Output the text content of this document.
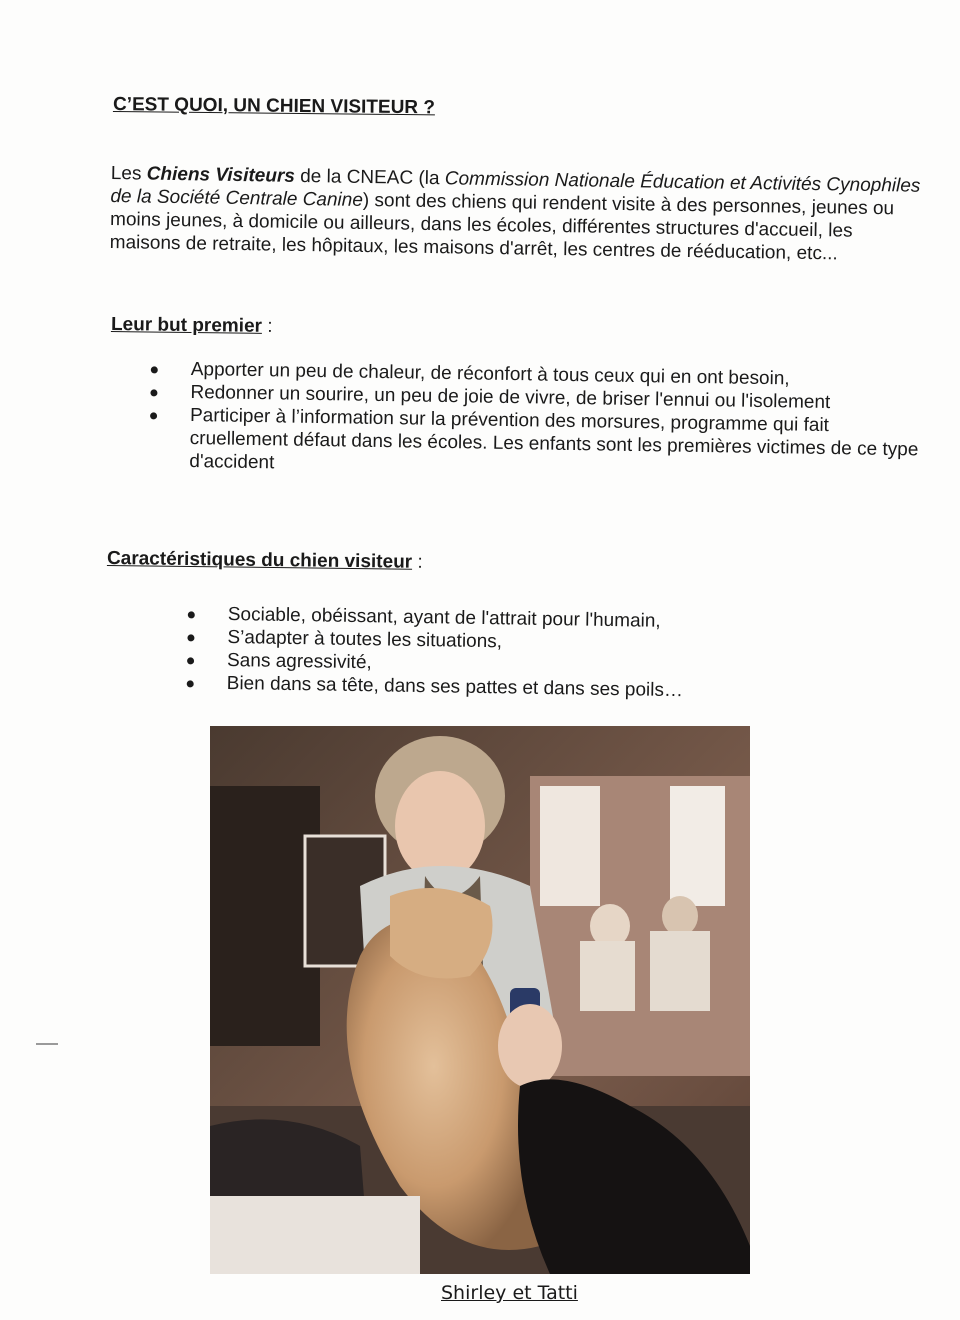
C’EST QUOI, UN CHIEN VISITEUR ?

Les Chiens Visiteurs de la CNEAC (la Commission Nationale Éducation et Activités Cynophiles de la Société Centrale Canine) sont des chiens qui rendent visite à des personnes, jeunes ou moins jeunes, à domicile ou ailleurs, dans les écoles, différentes structures d'accueil, les maisons de retraite, les hôpitaux, les maisons d'arrêt, les centres de rééducation, etc...

Leur but premier :

Apporter un peu de chaleur, de réconfort à tous ceux qui en ont besoin,
Redonner un sourire, un peu de joie de vivre, de briser l'ennui ou l'isolement
Participer à l’information sur la prévention des morsures, programme qui fait cruellement défaut dans les écoles. Les enfants sont les premières victimes de ce type d'accident

Caractéristiques du chien visiteur :

Sociable, obéissant, ayant de l'attrait pour l'humain,
S’adapter à toutes les situations,
Sans agressivité,
Bien dans sa tête, dans ses pattes et dans ses poils…

Shirley et Tatti
